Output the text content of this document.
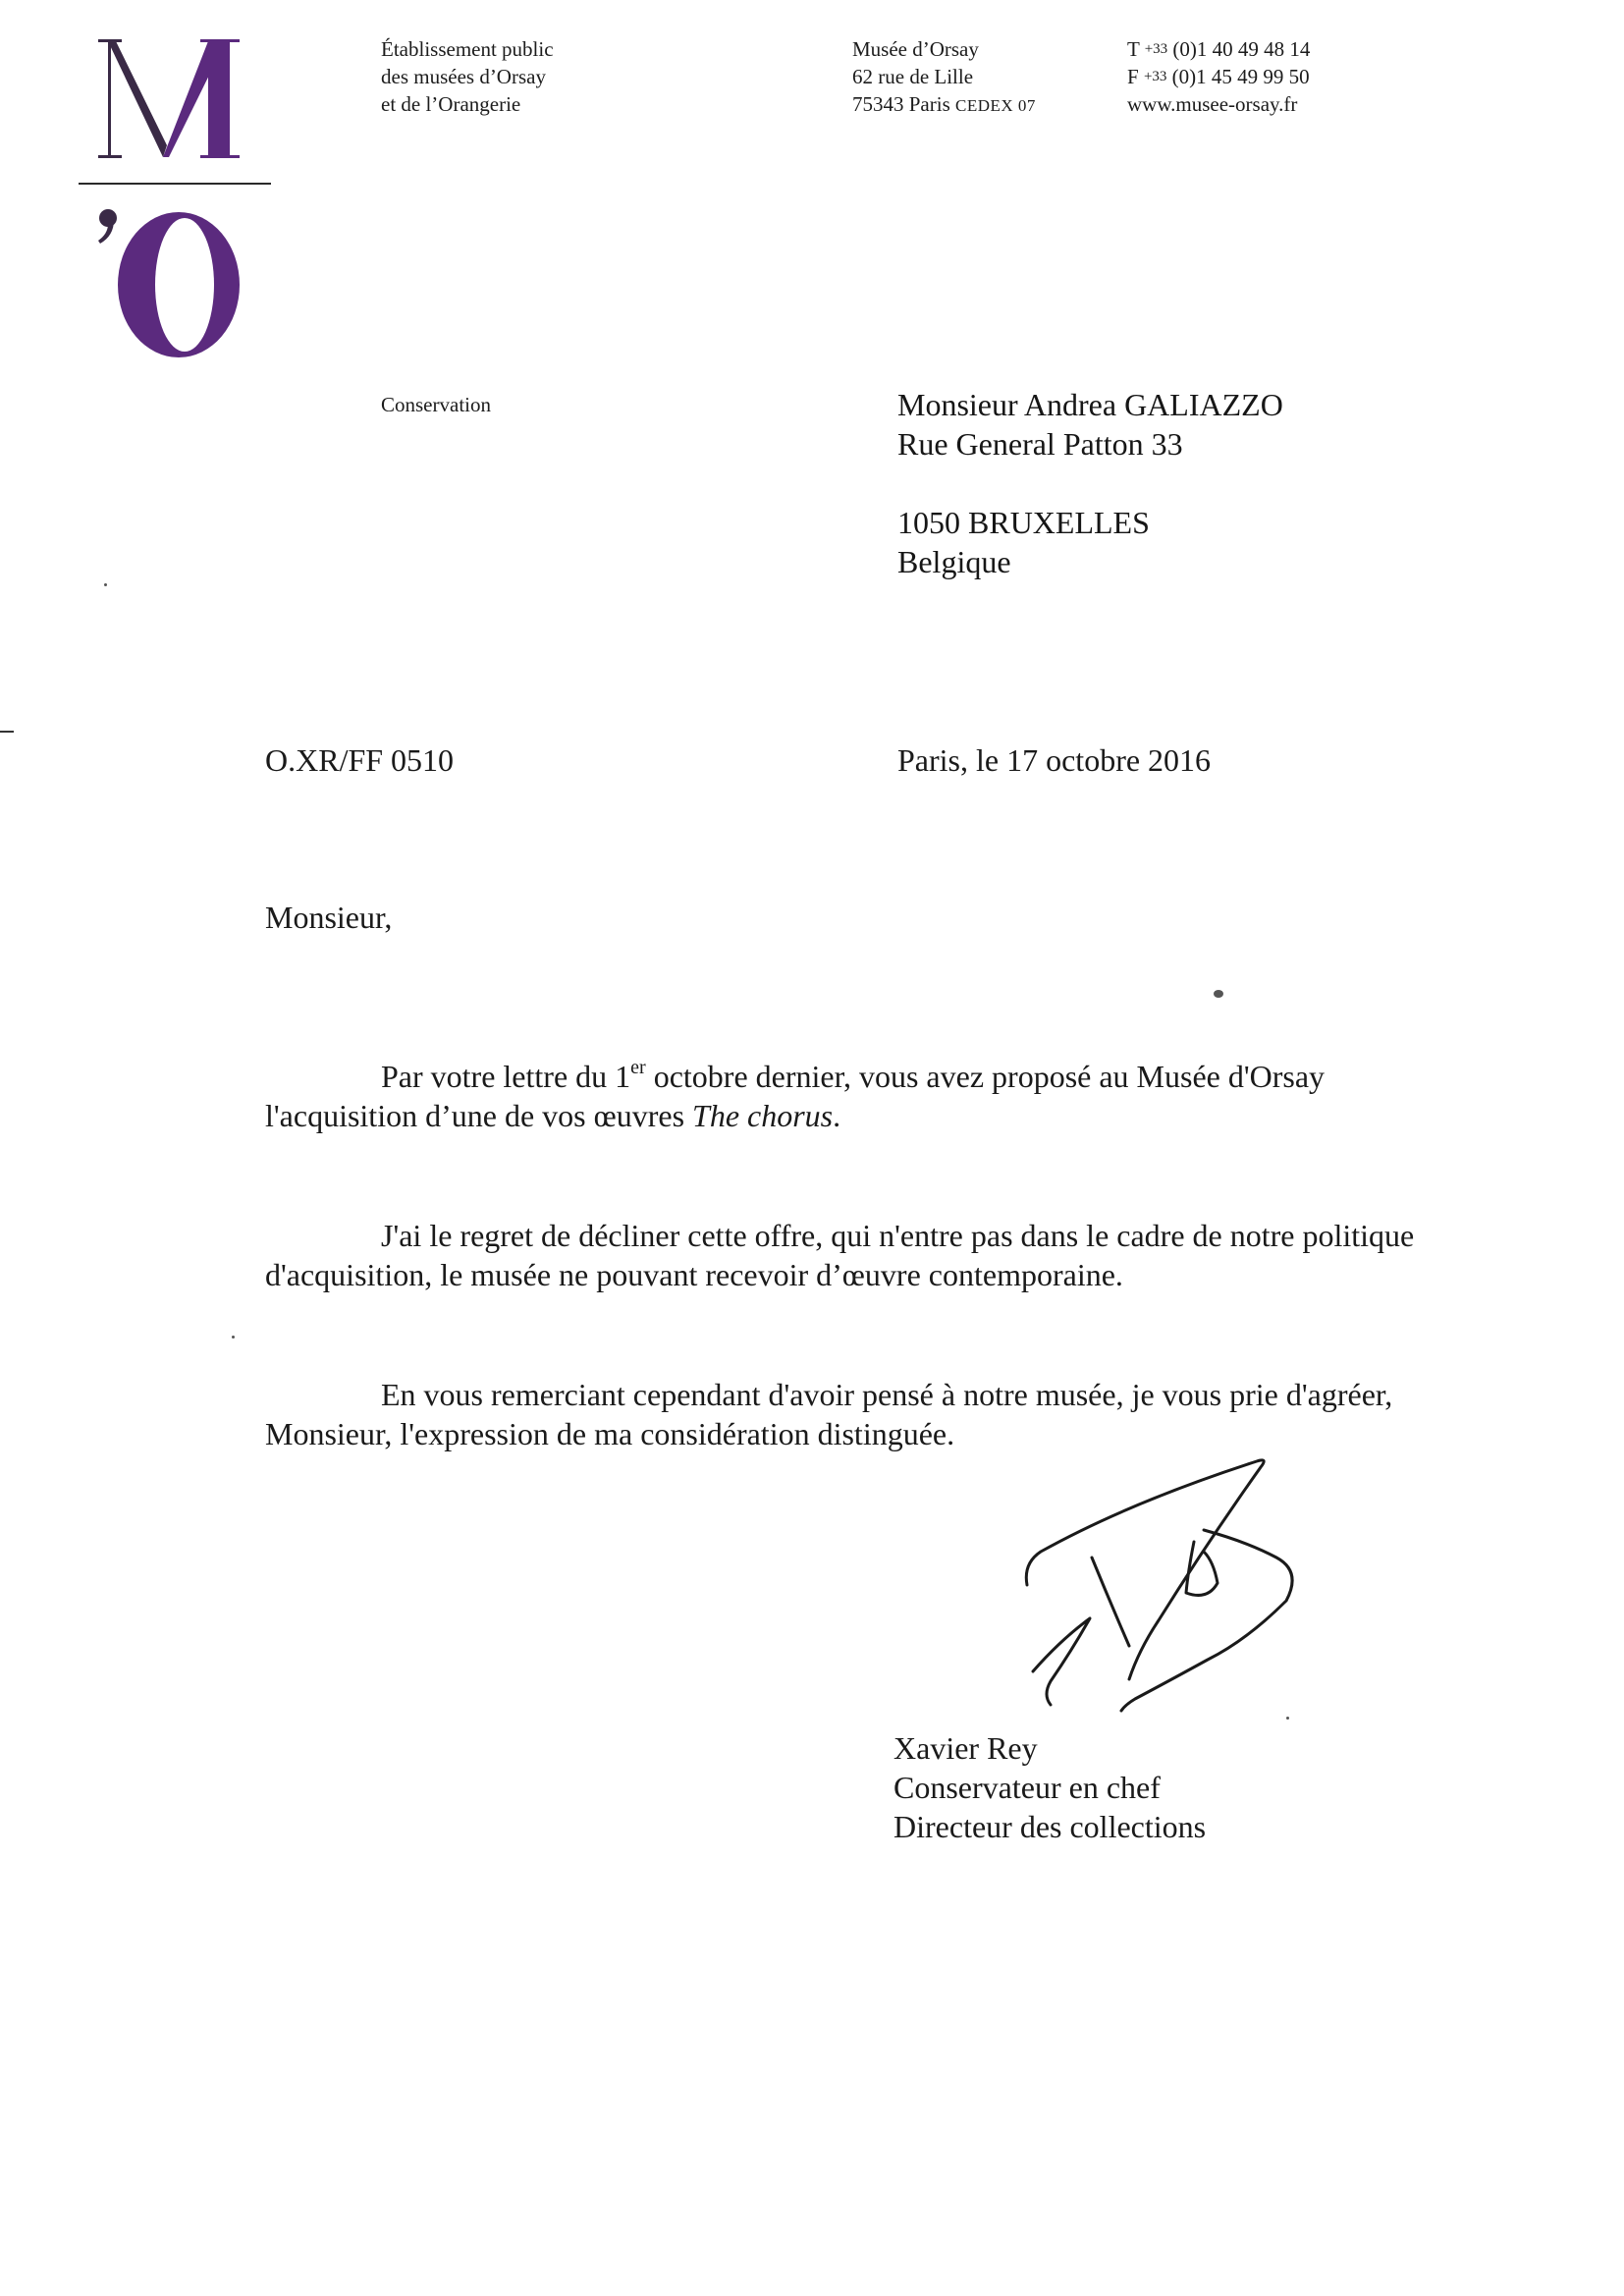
Établissement public
des musées d’Orsay
et de l’Orangerie
Musée d’Orsay
62 rue de Lille
75343 Paris CEDEX 07
T +33 (0)1 40 49 48 14
F +33 (0)1 45 49 99 50
www.musee-orsay.fr
Conservation	Monsieur Andrea GALIAZZO
Rue General Patton 33
1050 BRUXELLES
Belgique
O.XR/FF 0510	Paris, le 17 octobre 2016
Monsieur,
Par votre lettre du 1er octobre dernier, vous avez proposé au Musée d'Orsay
l'acquisition d’une de vos œuvres The chorus.
J'ai le regret de décliner cette offre, qui n'entre pas dans le cadre de notre politique
d'acquisition, le musée ne pouvant recevoir d’œuvre contemporaine.
En vous remerciant cependant d'avoir pensé à notre musée, je vous prie d'agréer,
Monsieur, l'expression de ma considération distinguée.
Xavier Rey
Conservateur en chef
Directeur des collections
